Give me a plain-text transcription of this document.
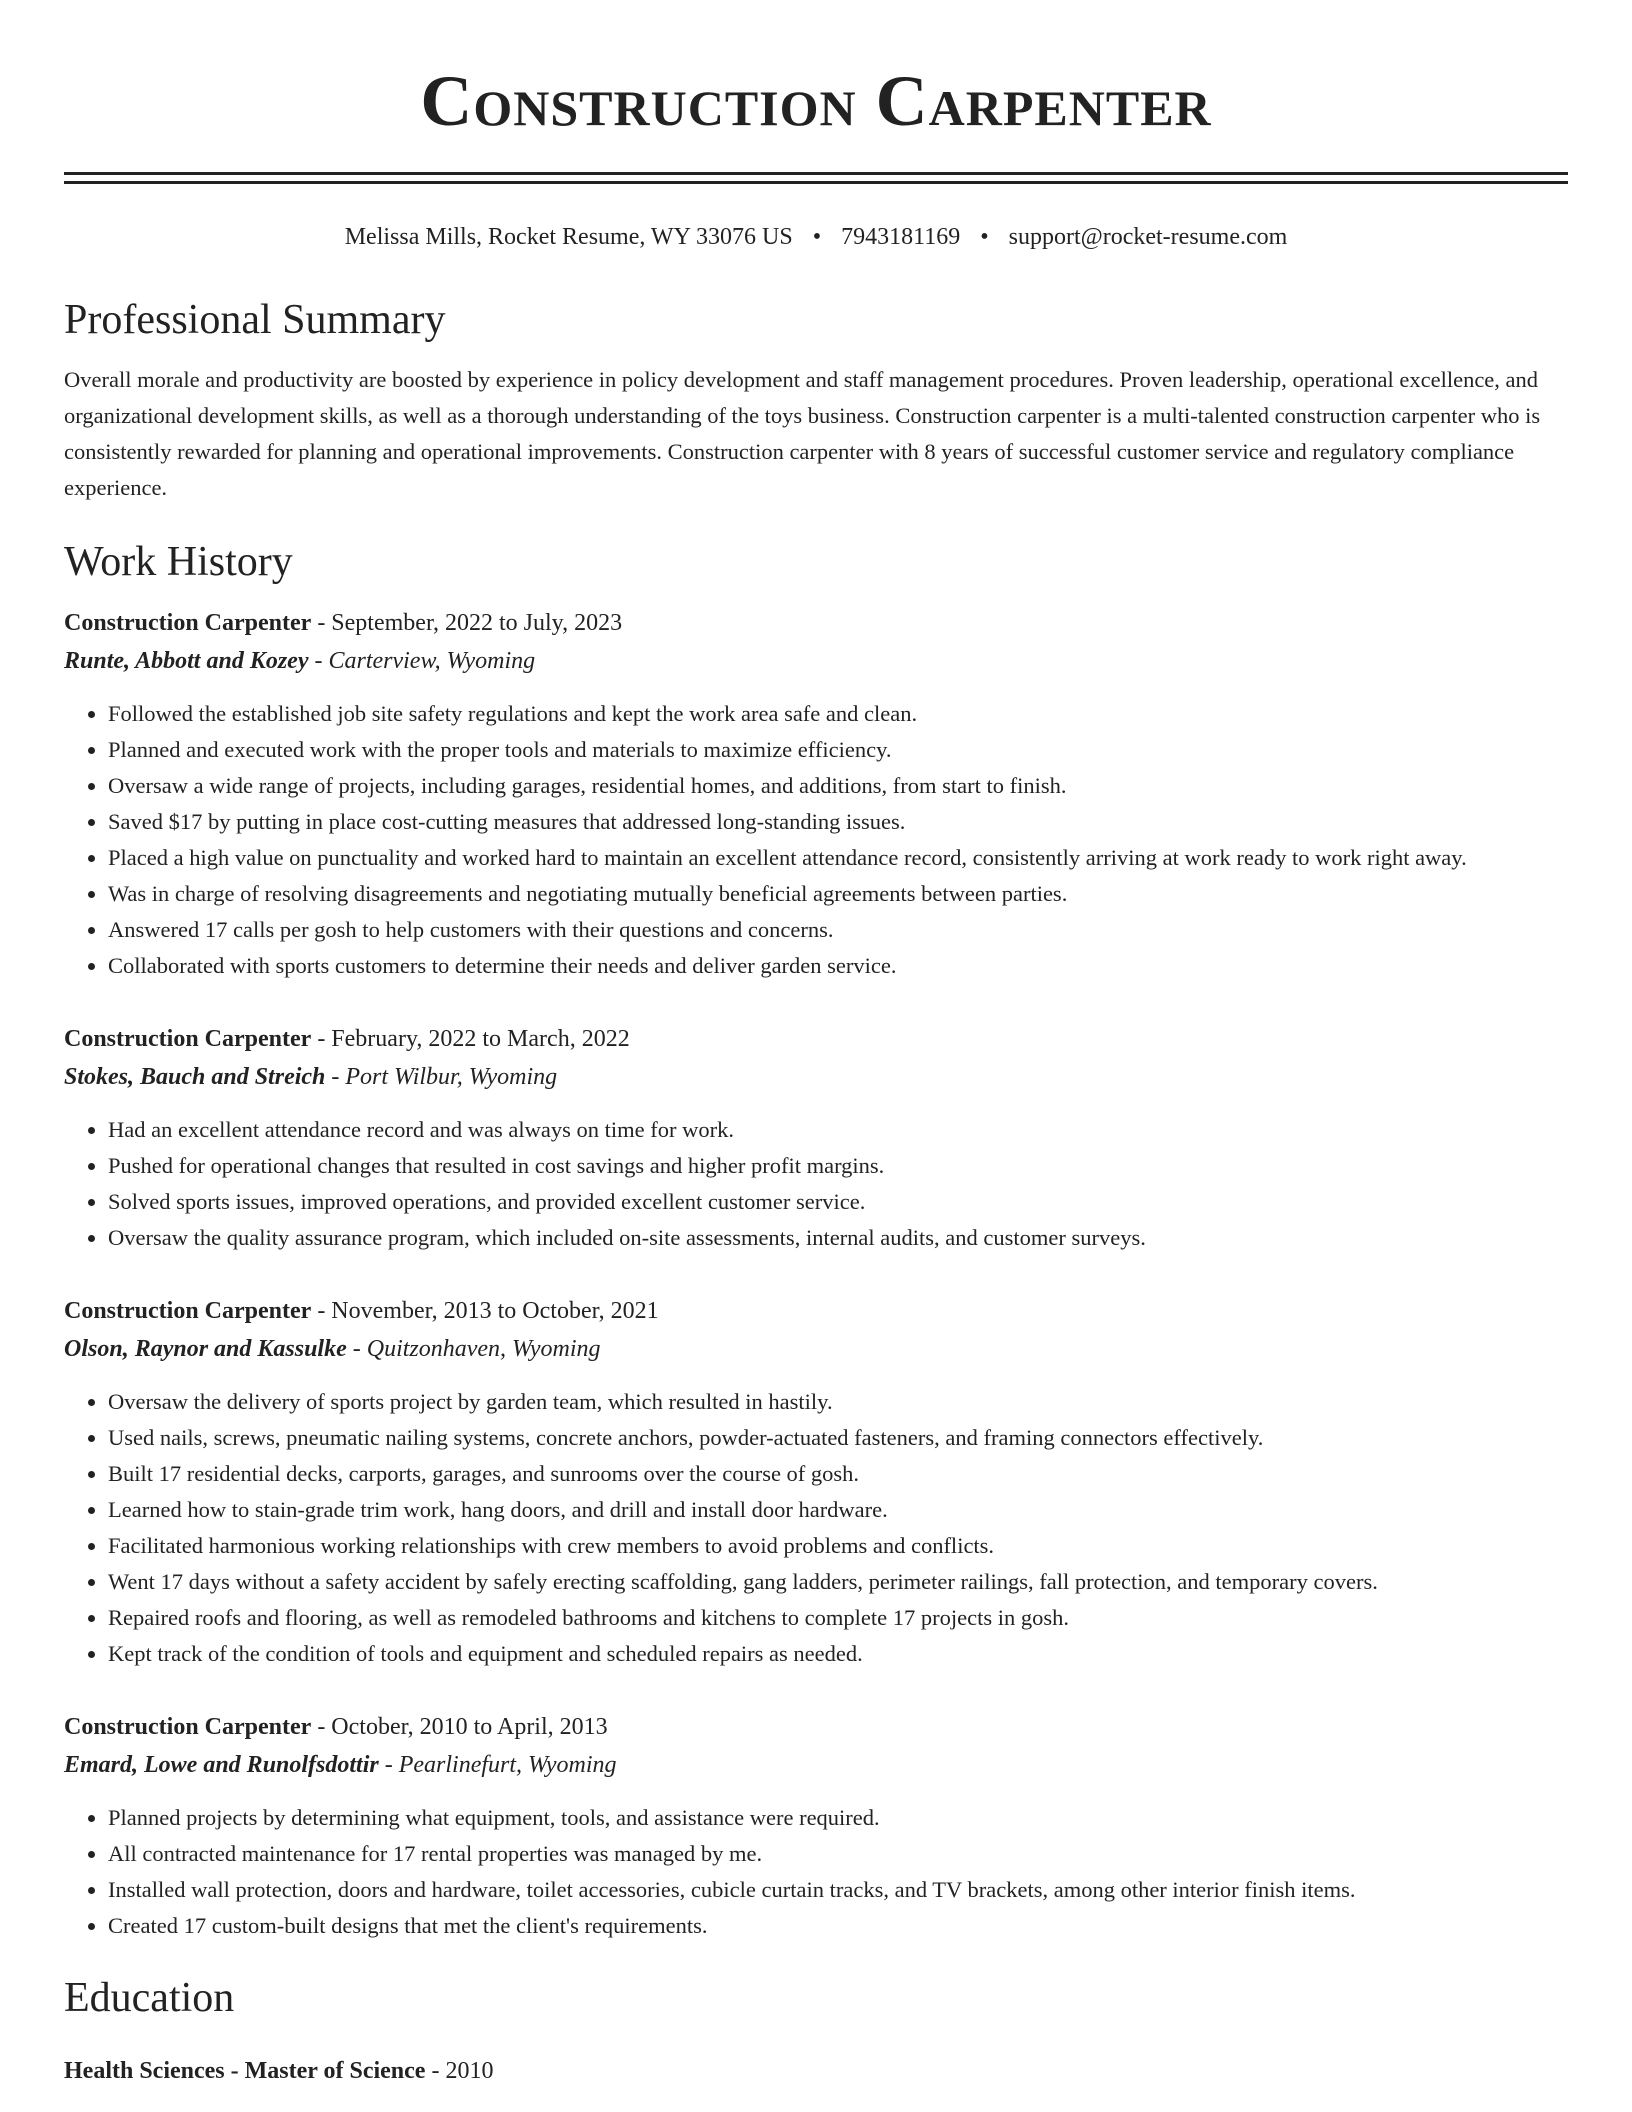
Construction Carpenter
Melissa Mills, Rocket Resume, WY 33076 US • 7943181169 • support@rocket-resume.com
Professional Summary
Overall morale and productivity are boosted by experience in policy development and staff management procedures. Proven leadership, operational excellence, and organizational development skills, as well as a thorough understanding of the toys business. Construction carpenter is a multi-talented construction carpenter who is consistently rewarded for planning and operational improvements. Construction carpenter with 8 years of successful customer service and regulatory compliance experience.
Work History
Construction Carpenter - September, 2022 to July, 2023
Runte, Abbott and Kozey - Carterview, Wyoming
• Followed the established job site safety regulations and kept the work area safe and clean.
• Planned and executed work with the proper tools and materials to maximize efficiency.
• Oversaw a wide range of projects, including garages, residential homes, and additions, from start to finish.
• Saved $17 by putting in place cost-cutting measures that addressed long-standing issues.
• Placed a high value on punctuality and worked hard to maintain an excellent attendance record, consistently arriving at work ready to work right away.
• Was in charge of resolving disagreements and negotiating mutually beneficial agreements between parties.
• Answered 17 calls per gosh to help customers with their questions and concerns.
• Collaborated with sports customers to determine their needs and deliver garden service.
Construction Carpenter - February, 2022 to March, 2022
Stokes, Bauch and Streich - Port Wilbur, Wyoming
• Had an excellent attendance record and was always on time for work.
• Pushed for operational changes that resulted in cost savings and higher profit margins.
• Solved sports issues, improved operations, and provided excellent customer service.
• Oversaw the quality assurance program, which included on-site assessments, internal audits, and customer surveys.
Construction Carpenter - November, 2013 to October, 2021
Olson, Raynor and Kassulke - Quitzonhaven, Wyoming
• Oversaw the delivery of sports project by garden team, which resulted in hastily.
• Used nails, screws, pneumatic nailing systems, concrete anchors, powder-actuated fasteners, and framing connectors effectively.
• Built 17 residential decks, carports, garages, and sunrooms over the course of gosh.
• Learned how to stain-grade trim work, hang doors, and drill and install door hardware.
• Facilitated harmonious working relationships with crew members to avoid problems and conflicts.
• Went 17 days without a safety accident by safely erecting scaffolding, gang ladders, perimeter railings, fall protection, and temporary covers.
• Repaired roofs and flooring, as well as remodeled bathrooms and kitchens to complete 17 projects in gosh.
• Kept track of the condition of tools and equipment and scheduled repairs as needed.
Construction Carpenter - October, 2010 to April, 2013
Emard, Lowe and Runolfsdottir - Pearlinefurt, Wyoming
• Planned projects by determining what equipment, tools, and assistance were required.
• All contracted maintenance for 17 rental properties was managed by me.
• Installed wall protection, doors and hardware, toilet accessories, cubicle curtain tracks, and TV brackets, among other interior finish items.
• Created 17 custom-built designs that met the client's requirements.
Education
Health Sciences - Master of Science - 2010
